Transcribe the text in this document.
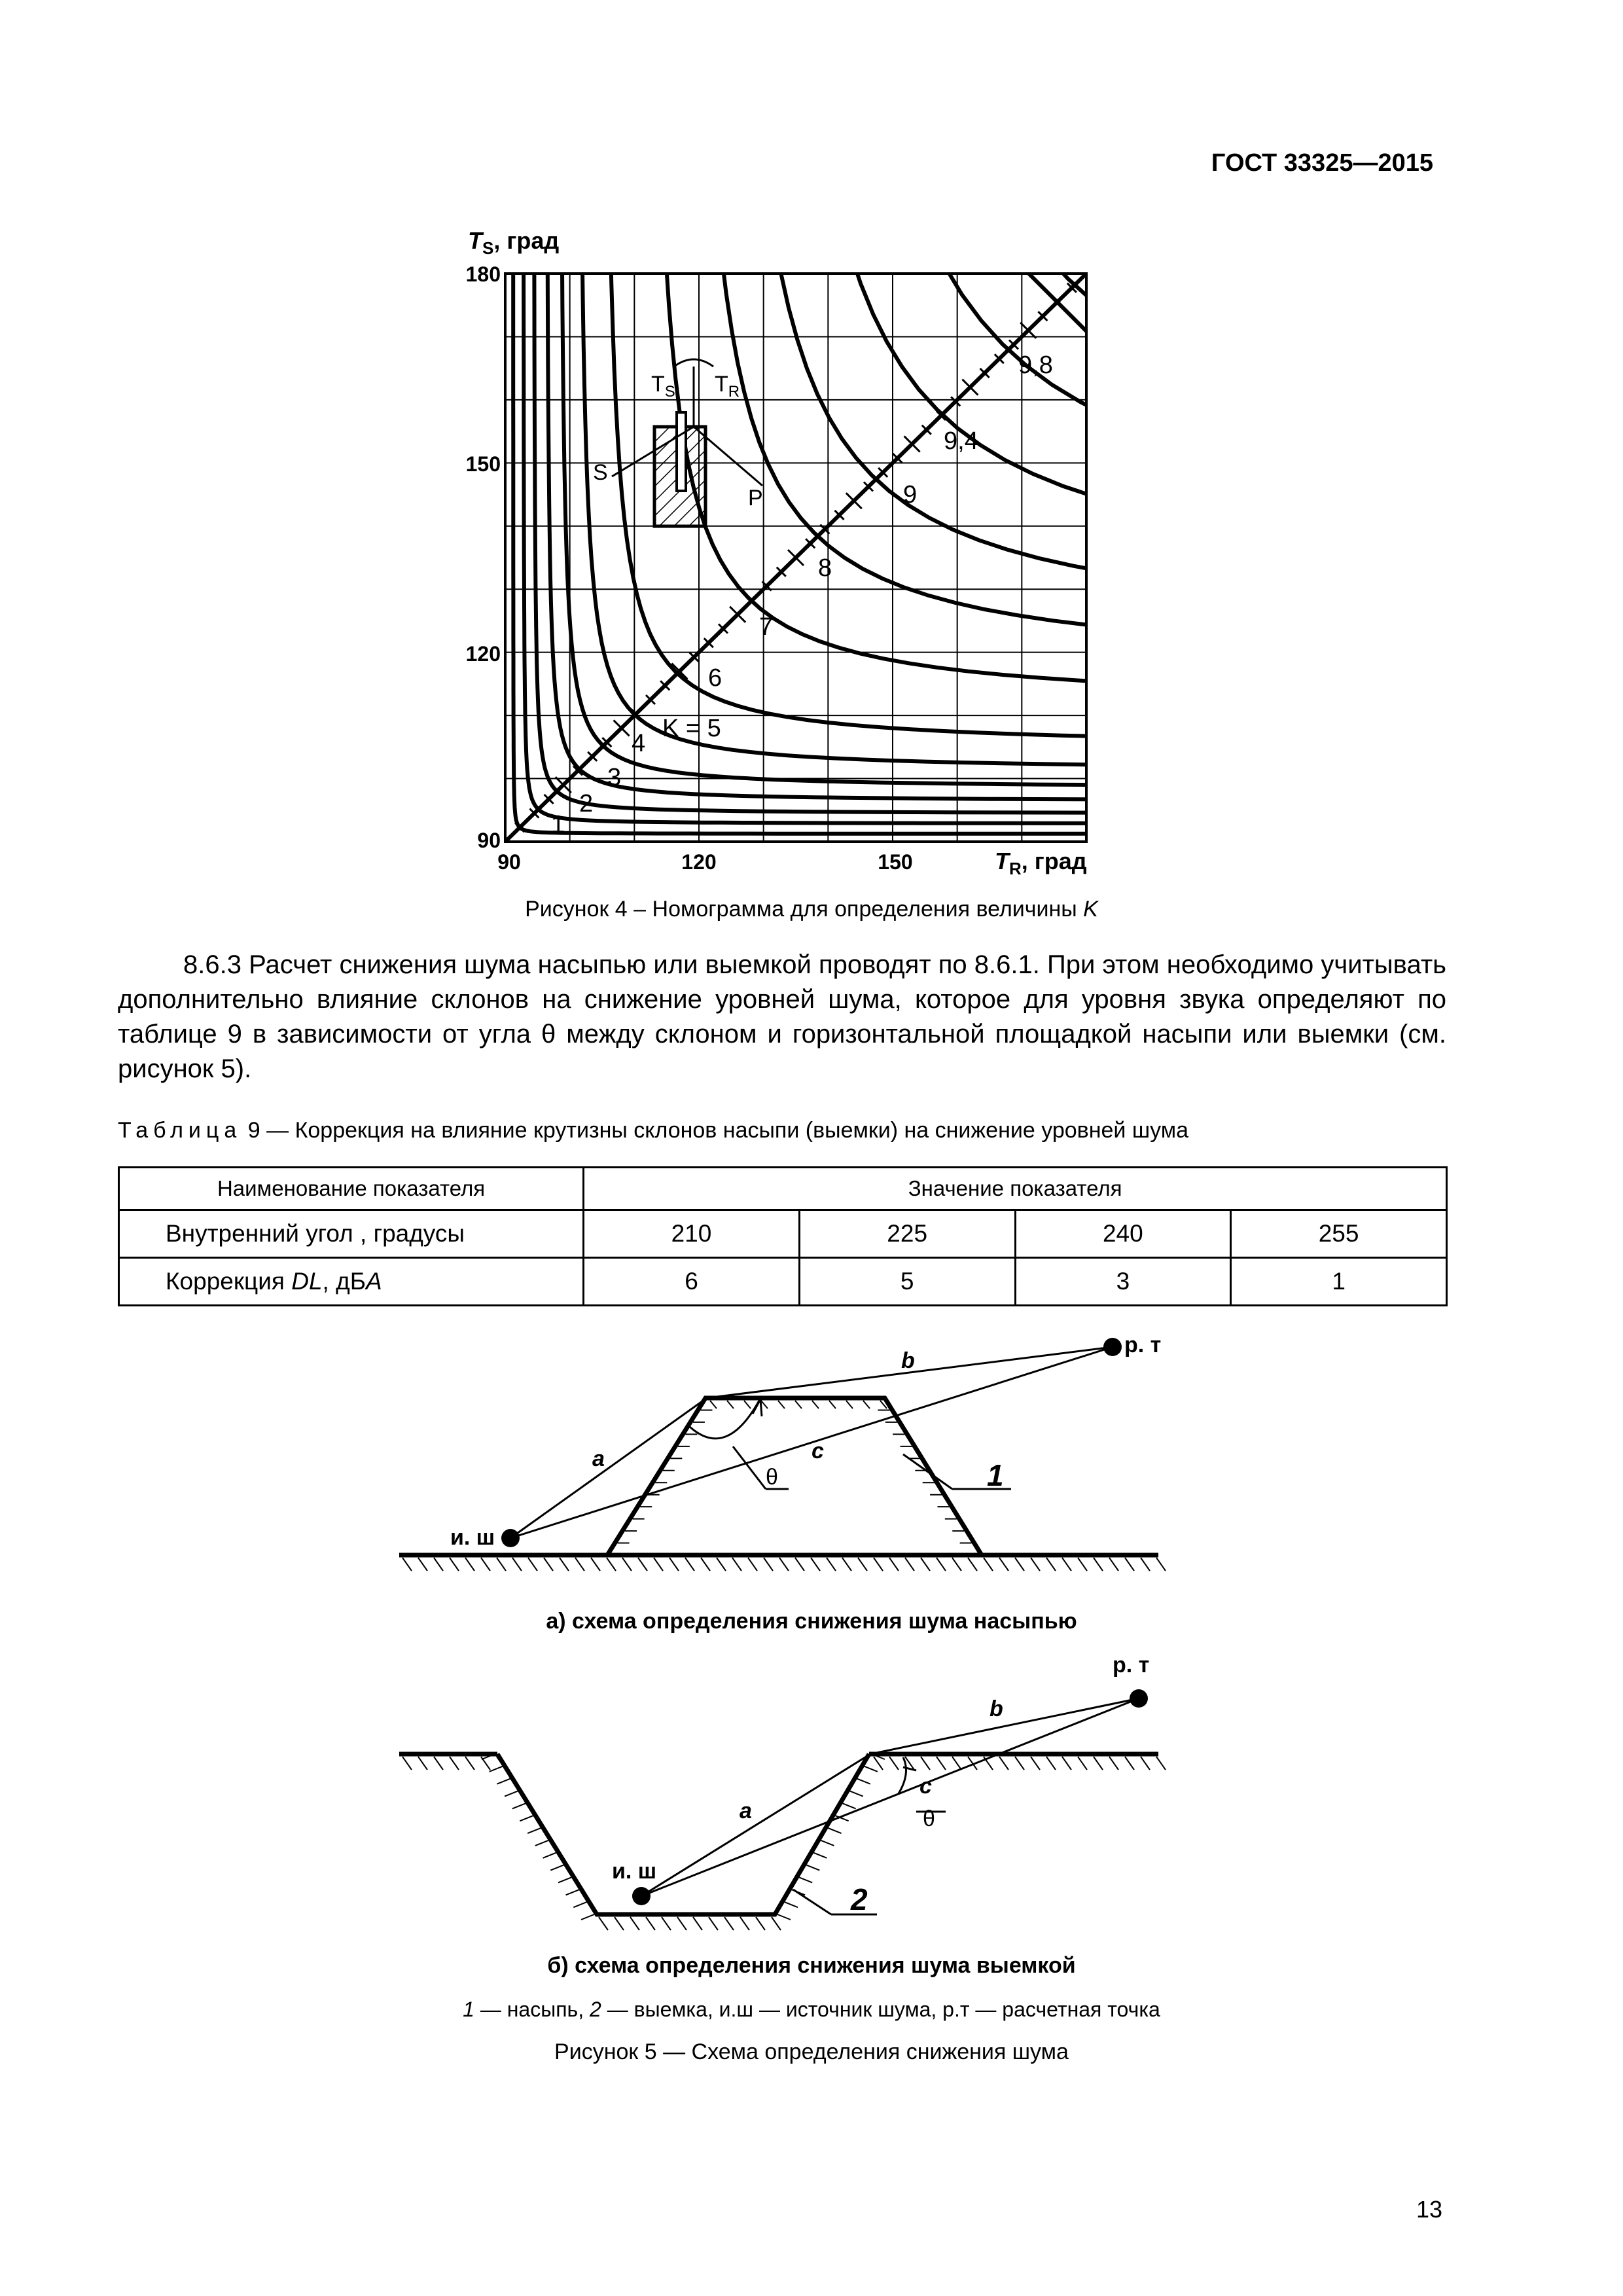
ГОСТ 33325—2015
$T_S$ $T_R$
S
P
$T_S$, град
$T_R$, град
180
150
120
90
90	120	150
1
2
3
4
K = 5
6
7
8
9
9,4
9,8
Рисунок 4 – Номограмма для определения величины K

8.6.3 Расчет снижения шума насыпью или выемкой проводят по 8.6.1. При этом необходимо учитывать дополнительно влияние склонов на снижение уровней шума, которое для уровня звука определяют по таблице 9 в зависимости от угла θ между склоном и горизонтальной площадкой насыпи или выемки (см. рисунок 5).

Таблица 9 — Коррекция на влияние крутизны склонов насыпи (выемки) на снижение уровней шума
Наименование показателя	Значение показателя			
Внутренний угол , градусы	210	225	240	255
Коррекция DL, дБА	6	5	3	1
и. ш
р. т
a
b
c
θ	1
и. ш
р. т
a
b
c
θ
2
а) схема определения снижения шума насыпью
б) схема определения снижения шума выемкой
1 — насыпь, 2 — выемка, и.ш — источник шума, р.т — расчетная точка
Рисунок 5 — Схема определения снижения шума
13
